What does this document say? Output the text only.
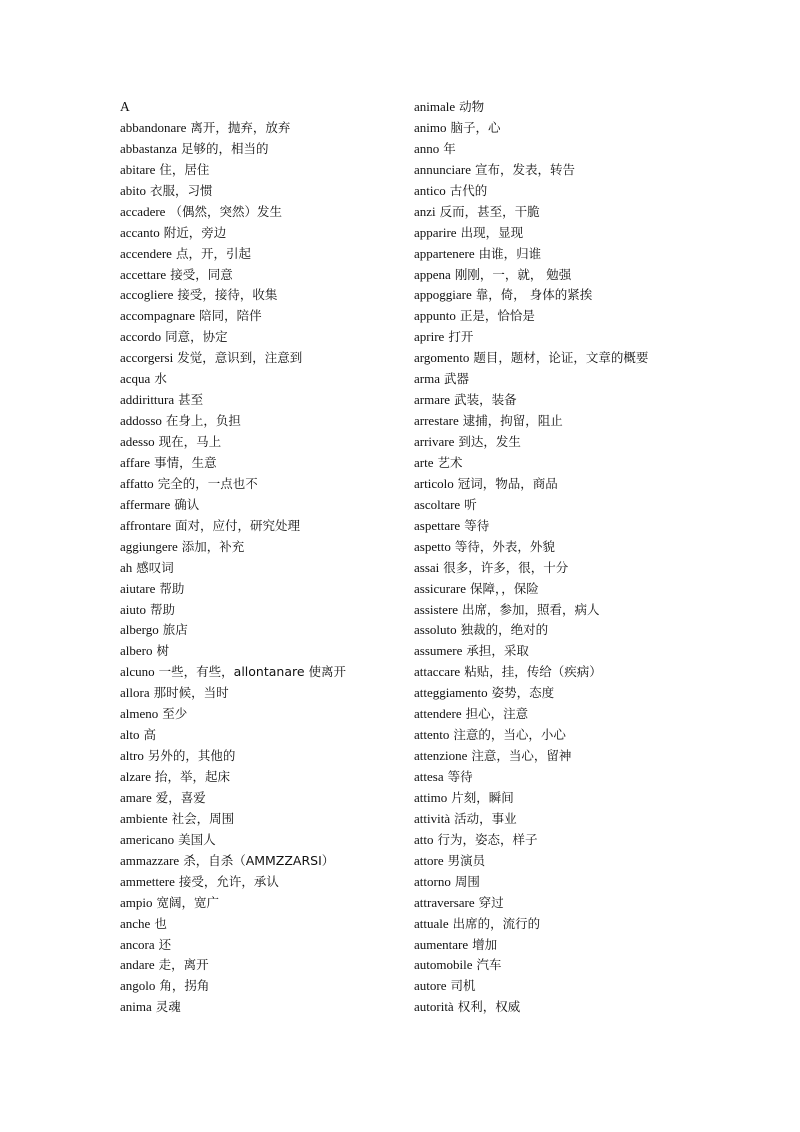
A
abbandonare 离开，抛弃，放弃
abbastanza 足够的，相当的
abitare 住，居住
abito 衣服，习惯
accadere （偶然，突然）发生
accanto 附近，旁边
accendere 点，开，引起
accettare 接受，同意
accogliere 接受，接待，收集
accompagnare 陪同，陪伴
accordo 同意，协定
accorgersi 发觉，意识到，注意到
acqua 水
addirittura 甚至
addosso 在身上，负担
adesso 现在，马上
affare 事情，生意
affatto 完全的，一点也不
affermare 确认
affrontare 面对，应付，研究处理
aggiungere 添加，补充
ah 感叹词
aiutare 帮助
aiuto 帮助
albergo 旅店
albero 树
alcuno 一些，有些，allontanare 使离开
allora 那时候，当时
almeno 至少
alto 高
altro 另外的，其他的
alzare 抬，举，起床
amare 爱，喜爱
ambiente 社会，周围
americano 美国人
ammazzare 杀，自杀（AMMZZARSI）
ammettere 接受，允许，承认
ampio 宽阔，宽广
anche 也
ancora 还
andare 走，离开
angolo 角，拐角
anima 灵魂
animale 动物
animo 脑子，心
anno 年
annunciare 宣布，发表，转告
antico 古代的
anzi 反而，甚至，干脆
apparire 出现，显现
appartenere 由谁，归谁
appena 刚刚，一，就， 勉强
appoggiare 靠，倚， 身体的紧挨
appunto 正是，恰恰是
aprire 打开
argomento 题目，题材，论证，文章的概要
arma 武器
armare 武装，装备
arrestare 逮捕，拘留，阻止
arrivare 到达，发生
arte 艺术
articolo 冠词，物品，商品
ascoltare 听
aspettare 等待
aspetto 等待，外表，外貌
assai 很多，许多，很，十分
assicurare 保障，，保险
assistere 出席，参加，照看，病人
assoluto 独裁的，绝对的
assumere 承担，采取
attaccare 粘贴，挂，传给（疾病）
atteggiamento 姿势，态度
attendere 担心，注意
attento 注意的，当心，小心
attenzione 注意，当心，留神
attesa 等待
attimo 片刻，瞬间
attività 活动，事业
atto 行为，姿态，样子
attore 男演员
attorno 周围
attraversare 穿过
attuale 出席的，流行的
aumentare 增加
automobile 汽车
autore 司机
autorità 权利，权威
